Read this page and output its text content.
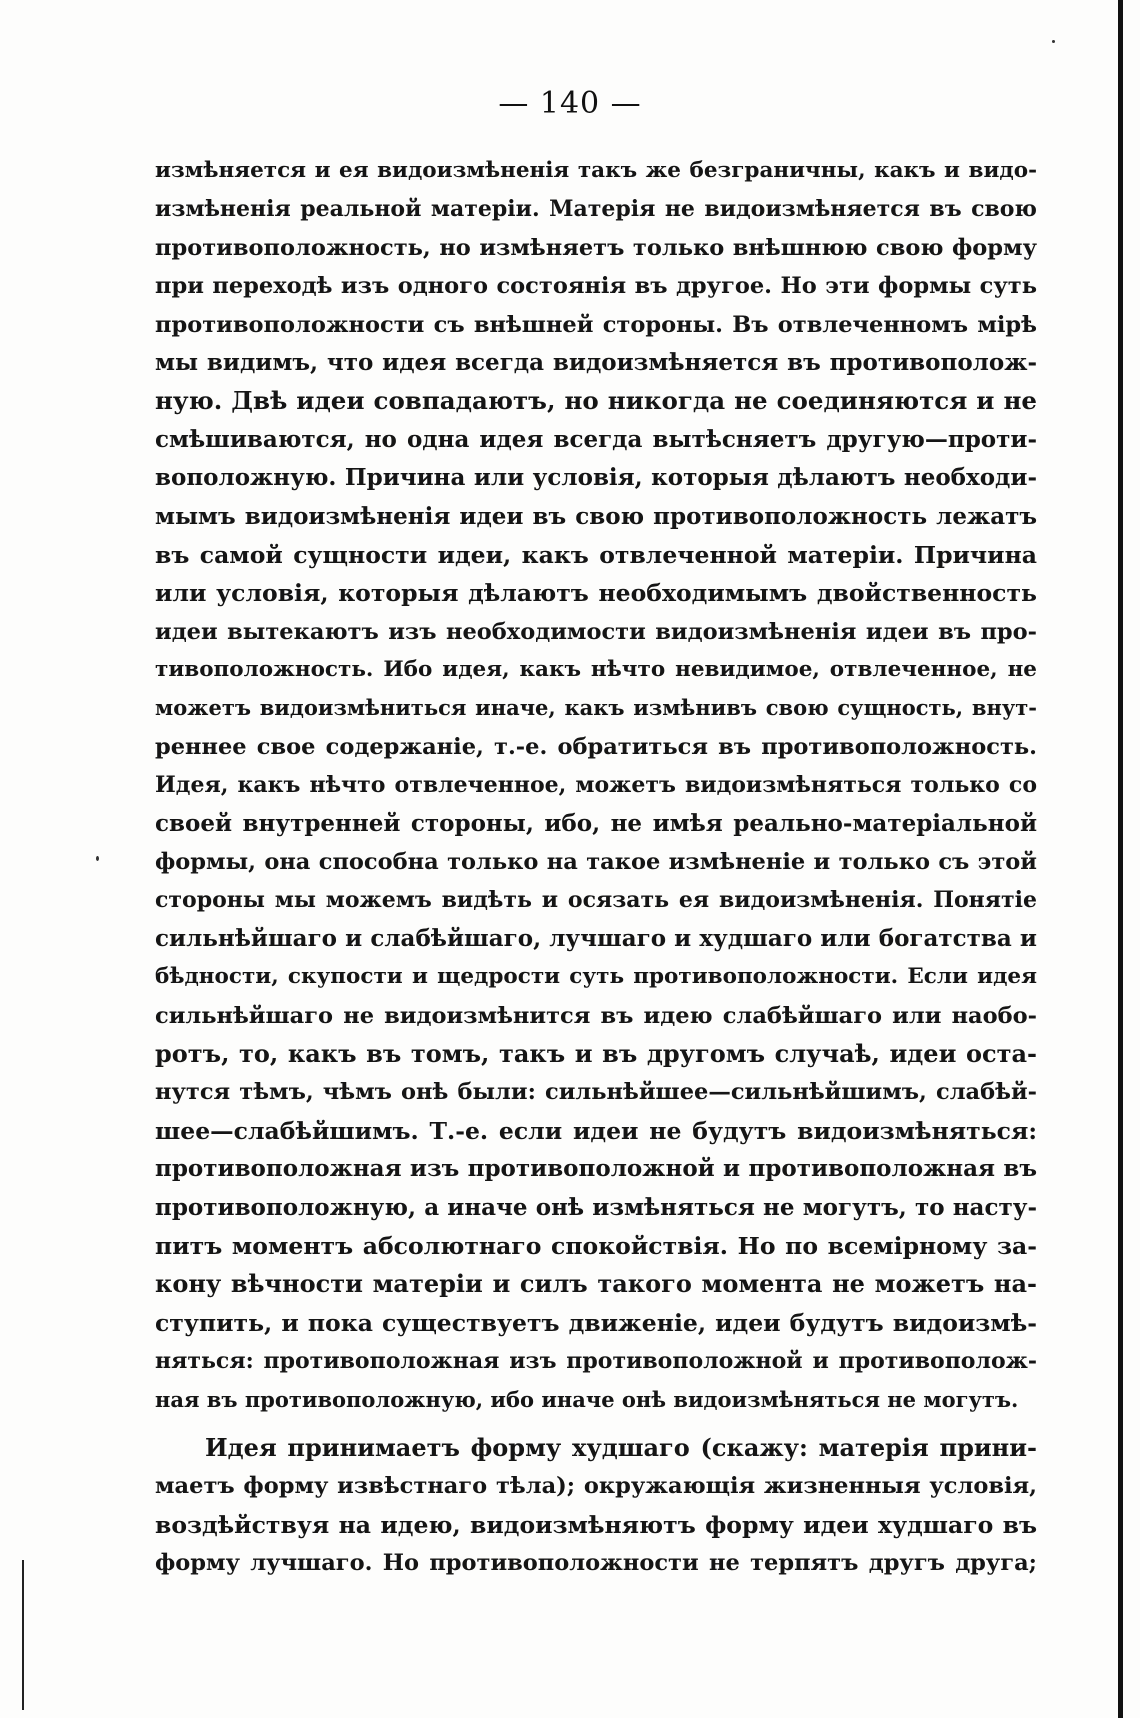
— 140 —
измѣняется и ея видоизмѣненія такъ же безграничны, какъ и видо-
измѣненія реальной матеріи. Матерія не видоизмѣняется въ свою
противоположность, но измѣняетъ только внѣшнюю свою форму
при переходѣ изъ одного состоянія въ другое. Но эти формы суть
противоположности съ внѣшней стороны. Въ отвлеченномъ мірѣ
мы видимъ, что идея всегда видоизмѣняется въ противополож-
ную. Двѣ идеи совпадаютъ, но никогда не соединяются и не
смѣшиваются, но одна идея всегда вытѣсняетъ другую—проти-
воположную. Причина или условія, которыя дѣлаютъ необходи-
мымъ видоизмѣненія идеи въ свою противоположность лежатъ
въ самой сущности идеи, какъ отвлеченной матеріи. Причина
или условія, которыя дѣлаютъ необходимымъ двойственность
идеи вытекаютъ изъ необходимости видоизмѣненія идеи въ про-
тивоположность. Ибо идея, какъ нѣчто невидимое, отвлеченное, не
можетъ видоизмѣниться иначе, какъ измѣнивъ свою сущность, внут-
реннее свое содержаніе, т.-е. обратиться въ противоположность.
Идея, какъ нѣчто отвлеченное, можетъ видоизмѣняться только со
своей внутренней стороны, ибо, не имѣя реально-матеріальной
формы, она способна только на такое измѣненіе и только съ этой
стороны мы можемъ видѣть и осязать ея видоизмѣненія. Понятіе
сильнѣйшаго и слабѣйшаго, лучшаго и худшаго или богатства и
бѣдности, скупости и щедрости суть противоположности. Если идея
сильнѣйшаго не видоизмѣнится въ идею слабѣйшаго или наобо-
ротъ, то, какъ въ томъ, такъ и въ другомъ случаѣ, идеи оста-
нутся тѣмъ, чѣмъ онѣ были: сильнѣйшее—сильнѣйшимъ, слабѣй-
шее—слабѣйшимъ. Т.-е. если идеи не будутъ видоизмѣняться:
противоположная изъ противоположной и противоположная въ
противоположную, а иначе онѣ измѣняться не могутъ, то насту-
питъ моментъ абсолютнаго спокойствія. Но по всемірному за-
кону вѣчности матеріи и силъ такого момента не можетъ на-
ступить, и пока существуетъ движеніе, идеи будутъ видоизмѣ-
няться: противоположная изъ противоположной и противополож-
ная въ противоположную, ибо иначе онѣ видоизмѣняться не могутъ.
Идея принимаетъ форму худшаго (скажу: матерія прини-
маетъ форму извѣстнаго тѣла); окружающія жизненныя условія,
воздѣйствуя на идею, видоизмѣняютъ форму идеи худшаго въ
форму лучшаго. Но противоположности не терпятъ другъ друга;
